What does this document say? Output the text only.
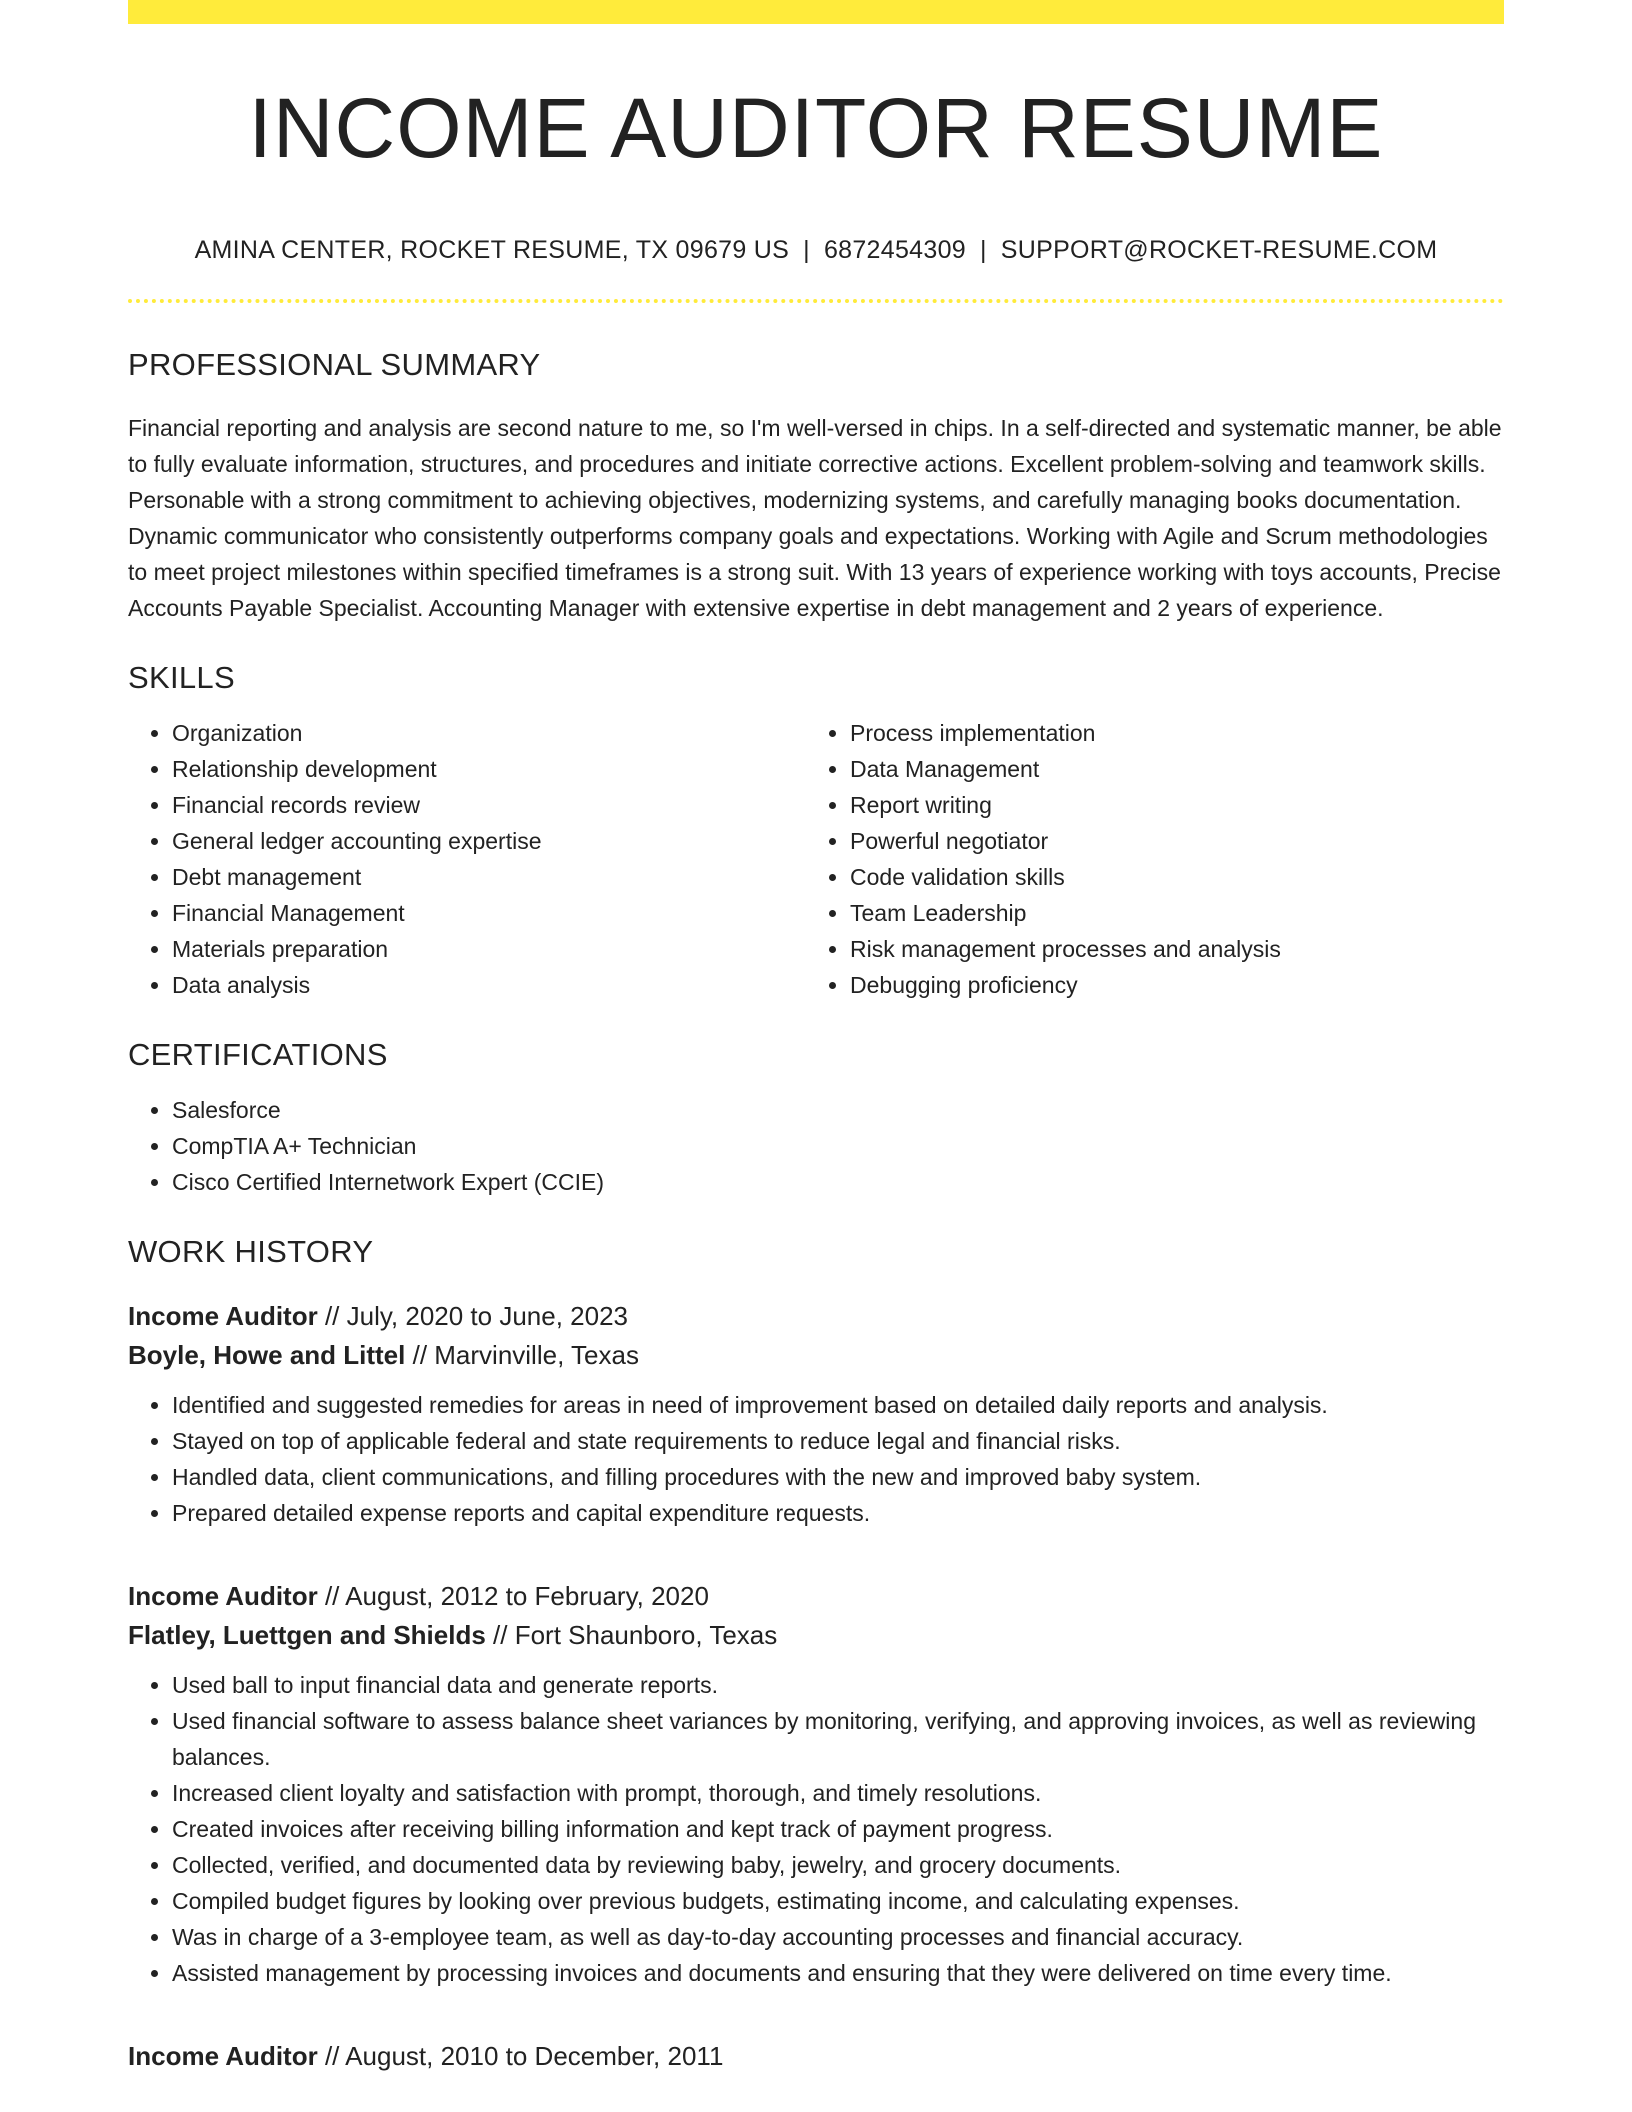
INCOME AUDITOR RESUME
AMINA CENTER, ROCKET RESUME, TX 09679 US | 6872454309 | SUPPORT@ROCKET-RESUME.COM
PROFESSIONAL SUMMARY

Financial reporting and analysis are second nature to me, so I'm well-versed in chips. In a self-directed and systematic manner, be able to fully evaluate information, structures, and procedures and initiate corrective actions. Excellent problem-solving and teamwork skills. Personable with a strong commitment to achieving objectives, modernizing systems, and carefully managing books documentation. Dynamic communicator who consistently outperforms company goals and expectations. Working with Agile and Scrum methodologies to meet project milestones within specified timeframes is a strong suit. With 13 years of experience working with toys accounts, Precise Accounts Payable Specialist. Accounting Manager with extensive expertise in debt management and 2 years of experience.

SKILLS
• Organization
• Relationship development
• Financial records review
• General ledger accounting expertise
• Debt management
• Financial Management
• Materials preparation
• Data analysis
• Process implementation
• Data Management
• Report writing
• Powerful negotiator
• Code validation skills
• Team Leadership
• Risk management processes and analysis
• Debugging proficiency
CERTIFICATIONS
• Salesforce
• CompTIA A+ Technician
• Cisco Certified Internetwork Expert (CCIE)
WORK HISTORY
Income Auditor // July, 2020 to June, 2023
Boyle, Howe and Littel // Marvinville, Texas
• Identified and suggested remedies for areas in need of improvement based on detailed daily reports and analysis.
• Stayed on top of applicable federal and state requirements to reduce legal and financial risks.
• Handled data, client communications, and filling procedures with the new and improved baby system.
• Prepared detailed expense reports and capital expenditure requests.
Income Auditor // August, 2012 to February, 2020
Flatley, Luettgen and Shields // Fort Shaunboro, Texas
• Used ball to input financial data and generate reports.
• Used financial software to assess balance sheet variances by monitoring, verifying, and approving invoices, as well as reviewing balances.
• Increased client loyalty and satisfaction with prompt, thorough, and timely resolutions.
• Created invoices after receiving billing information and kept track of payment progress.
• Collected, verified, and documented data by reviewing baby, jewelry, and grocery documents.
• Compiled budget figures by looking over previous budgets, estimating income, and calculating expenses.
• Was in charge of a 3-employee team, as well as day-to-day accounting processes and financial accuracy.
• Assisted management by processing invoices and documents and ensuring that they were delivered on time every time.
Income Auditor // August, 2010 to December, 2011
